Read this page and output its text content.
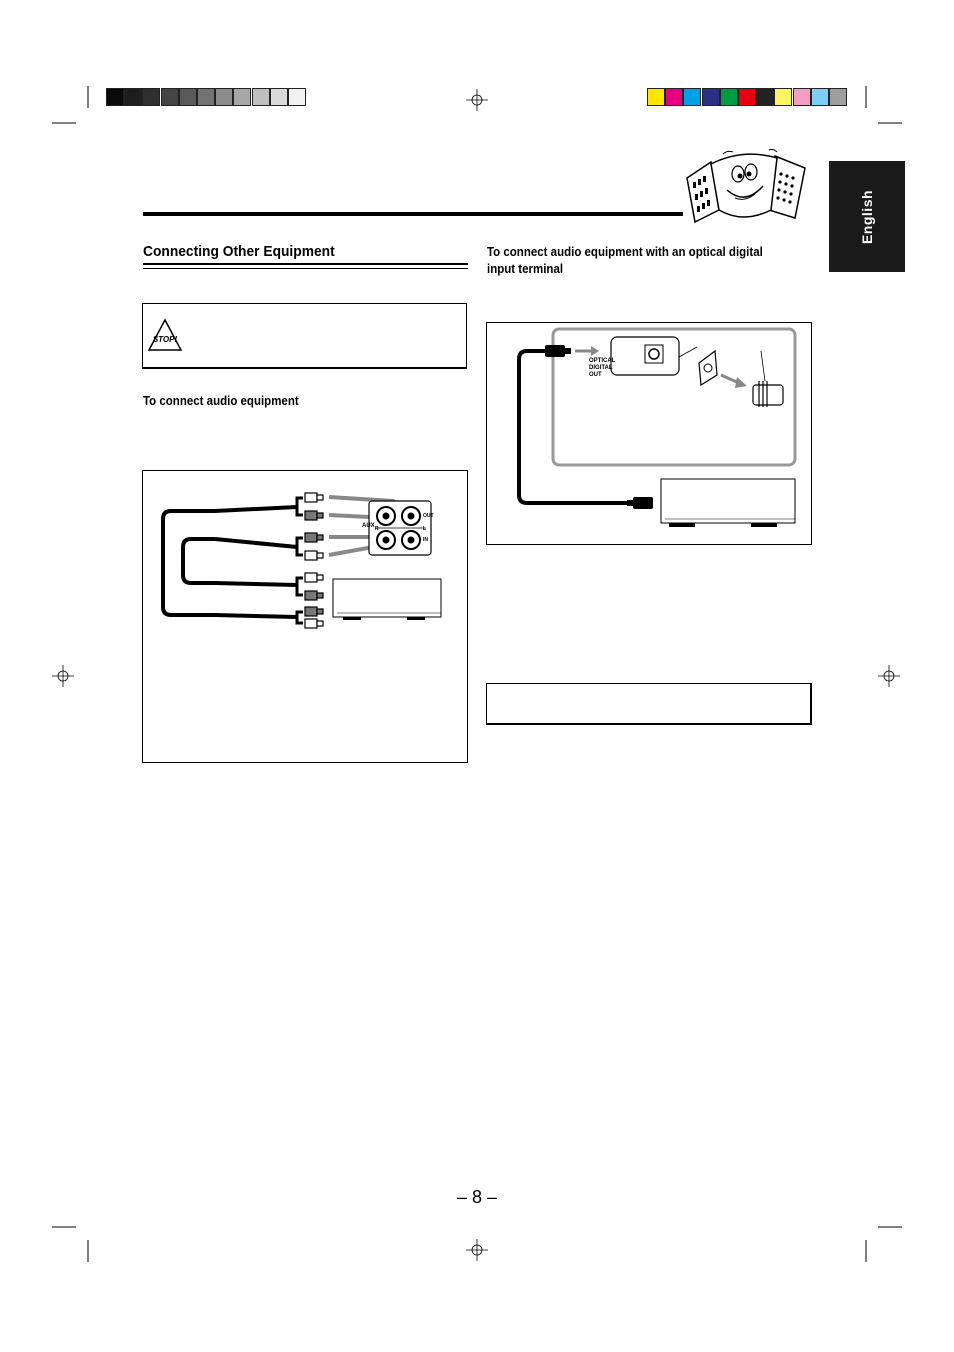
English
Connecting Other Equipment
STOP!
To connect audio equipment
AUX
OUT
IN
R	L
To connect audio equipment with an optical digital
input terminal
OPTICAL
DIGITAL
OUT
– 8 –
